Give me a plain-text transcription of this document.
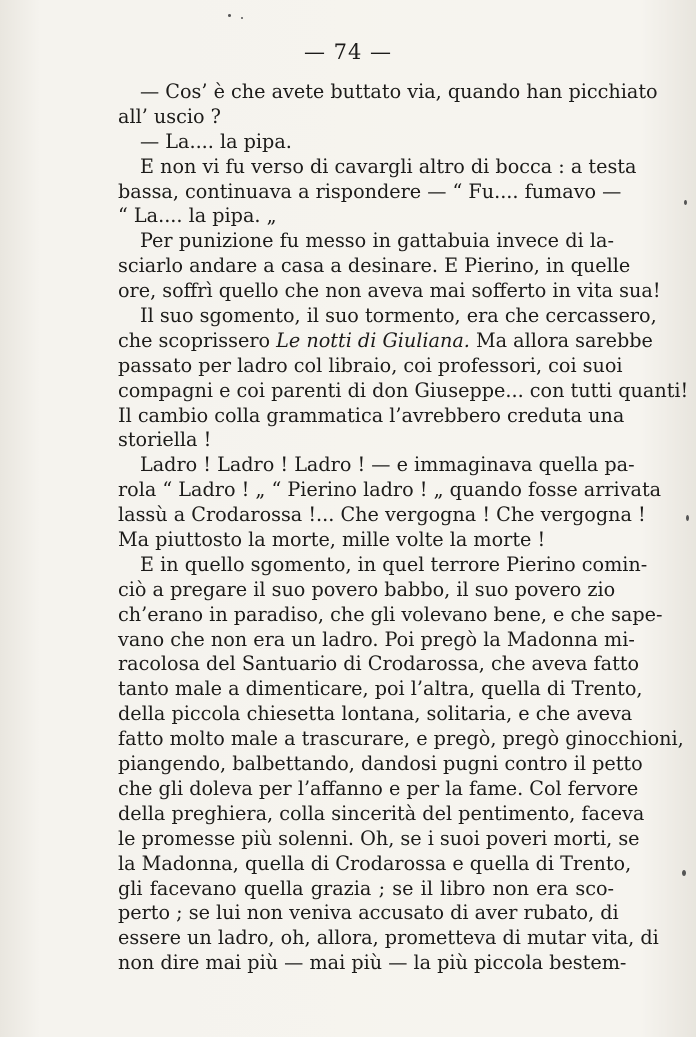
— 74 —
— Cos’ è che avete buttato via, quando han picchiato
all’ uscio ?
— La.... la pipa.
E non vi fu verso di cavargli altro di bocca : a testa
bassa, continuava a rispondere — “ Fu.... fumavo —
“ La.... la pipa. „
Per punizione fu messo in gattabuia invece di la-
sciarlo andare a casa a desinare. E Pierino, in quelle
ore, soffrì quello che non aveva mai sofferto in vita sua!
Il suo sgomento, il suo tormento, era che cercassero,
che scoprissero Le notti di Giuliana. Ma allora sarebbe
passato per ladro col libraio, coi professori, coi suoi
compagni e coi parenti di don Giuseppe... con tutti quanti!
Il cambio colla grammatica l’avrebbero creduta una
storiella !
Ladro ! Ladro ! Ladro ! — e immaginava quella pa-
rola “ Ladro ! „ “ Pierino ladro ! „ quando fosse arrivata
lassù a Crodarossa !... Che vergogna ! Che vergogna !
Ma piuttosto la morte, mille volte la morte !
E in quello sgomento, in quel terrore Pierino comin-
ciò a pregare il suo povero babbo, il suo povero zio
ch’erano in paradiso, che gli volevano bene, e che sape-
vano che non era un ladro. Poi pregò la Madonna mi-
racolosa del Santuario di Crodarossa, che aveva fatto
tanto male a dimenticare, poi l’altra, quella di Trento,
della piccola chiesetta lontana, solitaria, e che aveva
fatto molto male a trascurare, e pregò, pregò ginocchioni,
piangendo, balbettando, dandosi pugni contro il petto
che gli doleva per l’affanno e per la fame. Col fervore
della preghiera, colla sincerità del pentimento, faceva
le promesse più solenni. Oh, se i suoi poveri morti, se
la Madonna, quella di Crodarossa e quella di Trento,
gli facevano quella grazia ; se il libro non era sco-
perto ; se lui non veniva accusato di aver rubato, di
essere un ladro, oh, allora, prometteva di mutar vita, di
non dire mai più — mai più — la più piccola bestem-
